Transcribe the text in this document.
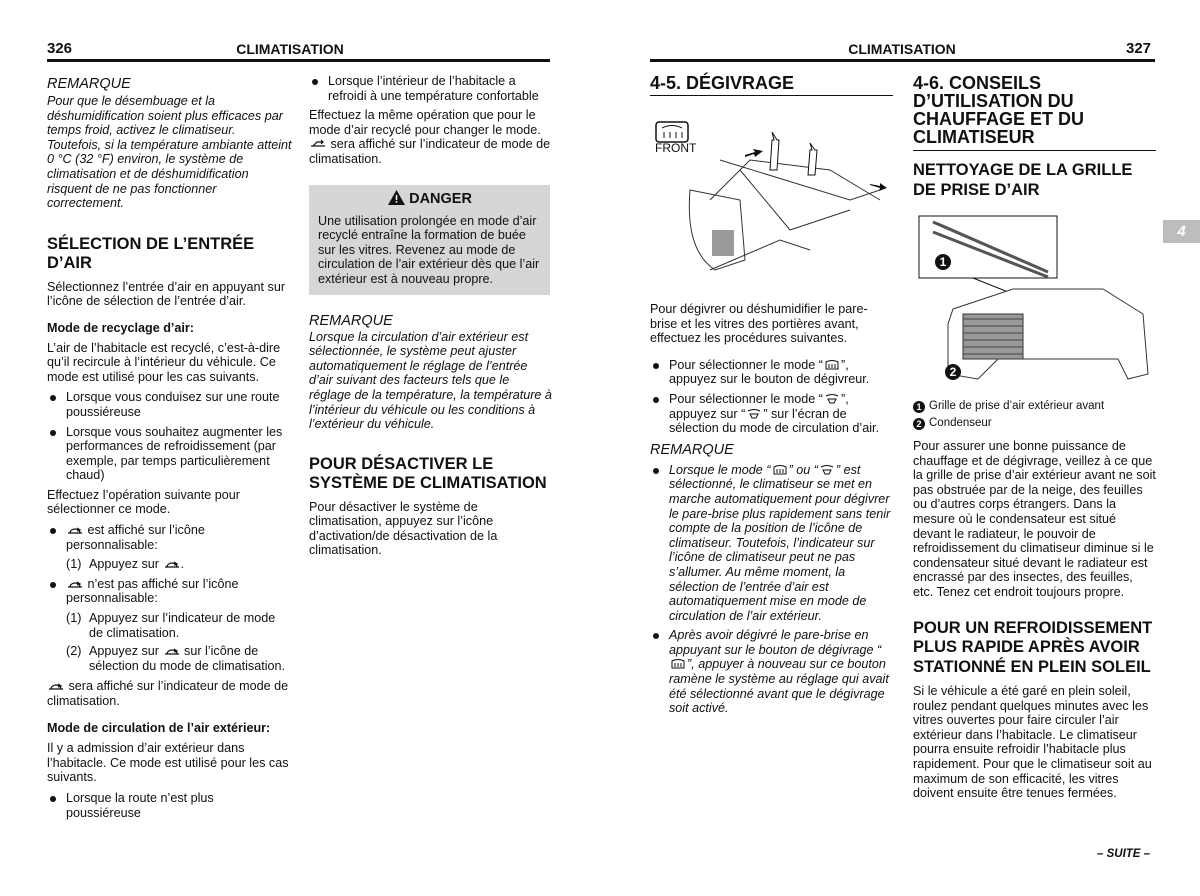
326	CLIMATISATION	CLIMATISATION	327
4
– SUITE –
REMARQUE
Pour que le désembuage et la déshumidification soient plus efficaces par temps froid, activez le climatiseur. Toutefois, si la température ambiante atteint 0 °C (32 °F) environ, le système de climatisation et de déshumidification risquent de ne pas fonctionner correctement.
SÉLECTION DE L’ENTRÉE D’AIR
Sélectionnez l’entrée d’air en appuyant sur l’icône de sélection de l’entrée d’air.
Mode de recyclage d’air:
L’air de l’habitacle est recyclé, c’est-à-dire qu’il recircule à l’intérieur du véhicule. Ce mode est utilisé pour les cas suivants.
Lorsque vous conduisez sur une route poussiéreuse
Lorsque vous souhaitez augmenter les performances de refroidissement (par exemple, par temps particulièrement chaud)
Effectuez l’opération suivante pour sélectionner ce mode.
est affiché sur l’icône personnalisable:
(1) Appuyez sur .
n’est pas affiché sur l’icône personnalisable:
(1) Appuyez sur l’indicateur de mode de climatisation.
(2) Appuyez sur sur l’icône de sélection du mode de climatisation.
sera affiché sur l’indicateur de mode de climatisation.
Mode de circulation de l’air extérieur:
Il y a admission d’air extérieur dans l’habitacle. Ce mode est utilisé pour les cas suivants.
Lorsque la route n’est plus poussiéreuse
Lorsque l’intérieur de l’habitacle a refroidi à une température confortable
Effectuez la même opération que pour le mode d’air recyclé pour changer le mode.
sera affiché sur l’indicateur de mode de climatisation.
DANGER
Une utilisation prolongée en mode d’air recyclé entraîne la formation de buée sur les vitres. Revenez au mode de circulation de l’air extérieur dès que l’air extérieur est à nouveau propre.
REMARQUE
Lorsque la circulation d’air extérieur est sélectionnée, le système peut ajuster automatiquement le réglage de l’entrée d’air suivant des facteurs tels que le réglage de la température, la température à l’intérieur du véhicule ou les conditions à l’extérieur du véhicule.
POUR DÉSACTIVER LE SYSTÈME DE CLIMATISATION
Pour désactiver le système de climatisation, appuyez sur l’icône d’activation/de désactivation de la climatisation.
4-5. DÉGIVRAGE
FRONT
Pour dégivrer ou déshumidifier le pare-brise et les vitres des portières avant, effectuez les procédures suivantes.
Pour sélectionner le mode “ ”, appuyez sur le bouton de dégivreur.
Pour sélectionner le mode “ ”, appuyez sur “ ” sur l’écran de sélection du mode de circulation d’air.
REMARQUE
Lorsque le mode “ ” ou “ ” est sélectionné, le climatiseur se met en marche automatiquement pour dégivrer le pare-brise plus rapidement sans tenir compte de la position de l’icône de climatiseur. Toutefois, l’indicateur sur l’icône de climatiseur peut ne pas s’allumer. Au même moment, la sélection de l’entrée d’air est automatiquement mise en mode de circulation de l’air extérieur.
Après avoir dégivré le pare-brise en appuyant sur le bouton de dégivrage “
”, appuyer à nouveau sur ce bouton ramène le système au réglage qui avait été sélectionné avant que le dégivrage soit activé.
4-6. CONSEILS D’UTILISATION DU CHAUFFAGE ET DU CLIMATISEUR
NETTOYAGE DE LA GRILLE DE PRISE D’AIR
1
2
1 Grille de prise d’air extérieur avant
2 Condenseur
Pour assurer une bonne puissance de chauffage et de dégivrage, veillez à ce que la grille de prise d’air extérieur avant ne soit pas obstruée par de la neige, des feuilles ou d’autres corps étrangers. Dans la mesure où le condensateur est situé devant le radiateur, le pouvoir de refroidissement du climatiseur diminue si le condensateur situé devant le radiateur est encrassé par des insectes, des feuilles, etc. Tenez cet endroit toujours propre.
POUR UN REFROIDISSEMENT PLUS RAPIDE APRÈS AVOIR STATIONNÉ EN PLEIN SOLEIL
Si le véhicule a été garé en plein soleil, roulez pendant quelques minutes avec les vitres ouvertes pour faire circuler l’air extérieur dans l’habitacle. Le climatiseur pourra ensuite refroidir l’habitacle plus rapidement. Pour que le climatiseur soit au maximum de son efficacité, les vitres doivent ensuite être tenues fermées.
